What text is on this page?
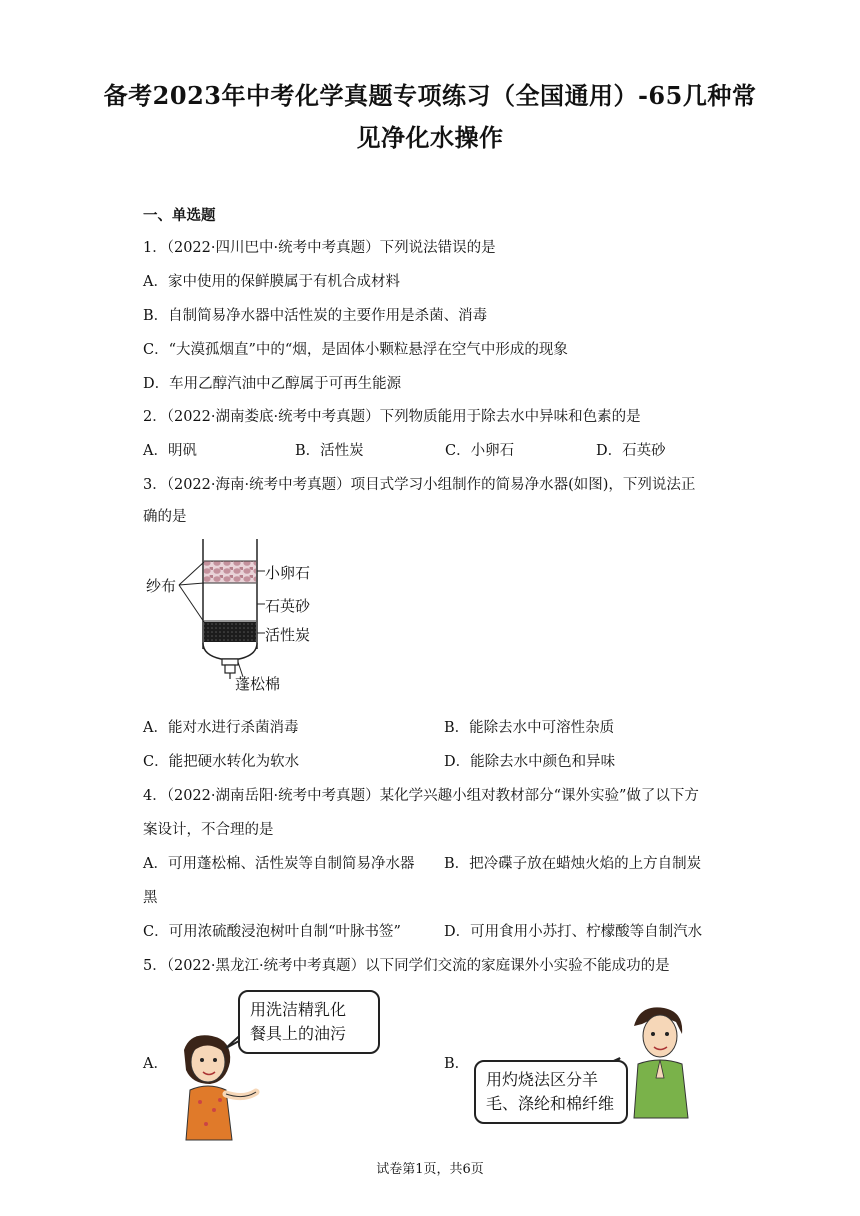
备考2023年中考化学真题专项练习（全国通用）-65几种常
见净化水操作
一、单选题
1．（2022·四川巴中·统考中考真题）下列说法错误的是
A．家中使用的保鲜膜属于有机合成材料
B．自制简易净水器中活性炭的主要作用是杀菌、消毒
C．“大漠孤烟直”中的“烟，是固体小颗粒悬浮在空气中形成的现象
D．车用乙醇汽油中乙醇属于可再生能源
2．（2022·湖南娄底·统考中考真题）下列物质能用于除去水中异味和色素的是
A．明矾	B．活性炭	C．小卵石	D．石英砂
3．（2022·海南·统考中考真题）项目式学习小组制作的简易净水器(如图)，下列说法正
确的是
纱布
小卵石
石英砂
活性炭
蓬松棉
A．能对水进行杀菌消毒	B．能除去水中可溶性杂质
C．能把硬水转化为软水	D．能除去水中颜色和异味
4．（2022·湖南岳阳·统考中考真题）某化学兴趣小组对教材部分“课外实验”做了以下方
案设计，不合理的是
A．可用蓬松棉、活性炭等自制简易净水器 B．把冷碟子放在蜡烛火焰的上方自制炭
黑
C．可用浓硫酸浸泡树叶自制“叶脉书签”	D．可用食用小苏打、柠檬酸等自制汽水
5．（2022·黑龙江·统考中考真题）以下同学们交流的家庭课外小实验不能成功的是
A．	B．
用洗洁精乳化
餐具上的油污
用灼烧法区分羊
毛、涤纶和棉纤维
试卷第1页，共6页
